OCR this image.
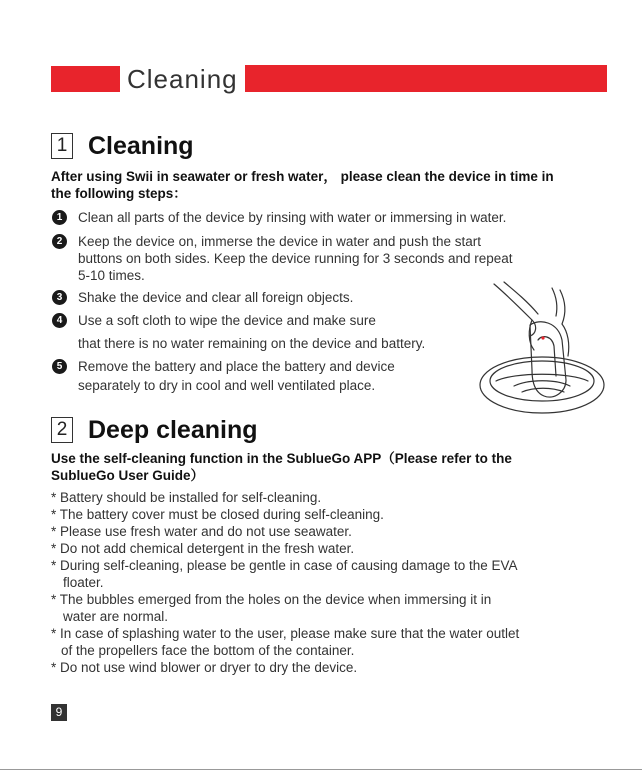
Cleaning
1 Cleaning
After using Swii in seawater or fresh water， please clean the device in time in
the following steps：
1	Clean all parts of the device by rinsing with water or immersing in water.
2	Keep the device on, immerse the device in water and push the start
buttons on both sides. Keep the device running for 3 seconds and repeat
5-10 times.
3	Shake the device and clear all foreign objects.
4	Use a soft cloth to wipe the device and make sure
that there is no water remaining on the device and battery.
5	Remove the battery and place the battery and device
separately to dry in cool and well ventilated place.
2 Deep cleaning
Use the self-cleaning function in the SublueGo APP（Please refer to the
SublueGo User Guide）
* Battery should be installed for self-cleaning.
* The battery cover must be closed during self-cleaning.
* Please use fresh water and do not use seawater.
* Do not add chemical detergent in the fresh water.
* During self-cleaning, please be gentle in case of causing damage to the EVA
floater.
* The bubbles emerged from the holes on the device when immersing it in
water are normal.
* In case of splashing water to the user, please make sure that the water outlet
of the propellers face the bottom of the container.
* Do not use wind blower or dryer to dry the device.
9
